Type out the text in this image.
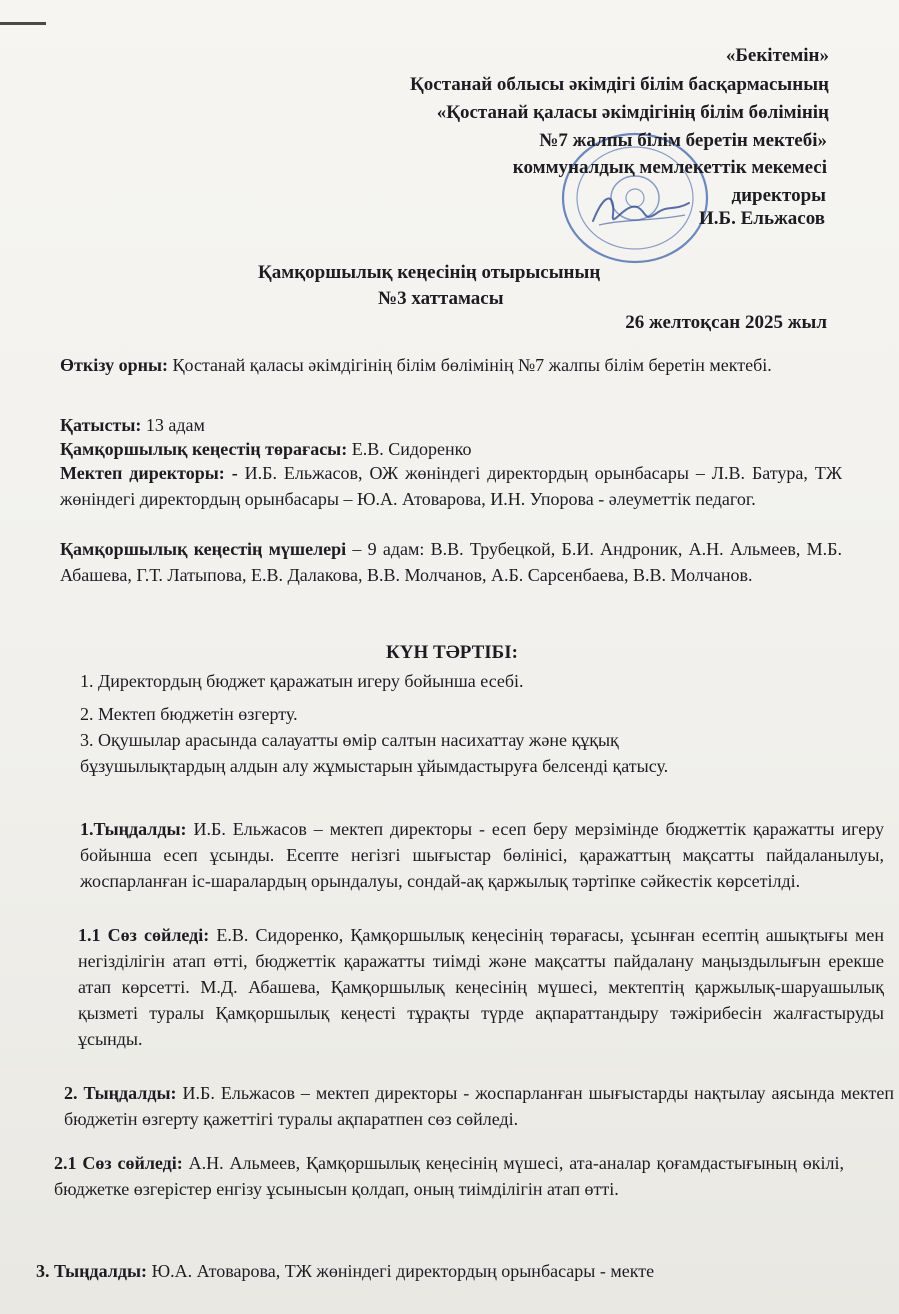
«Бекітемін»
Қостанай облысы әкімдігі білім басқармасының
«Қостанай қаласы әкімдігінің білім бөлімінің
№7 жалпы білім беретін мектебі»
коммуналдық мемлекеттік мекемесі
директоры
И.Б. Ельжасов
Қамқоршылық кеңесінің отырысының
№3 хаттамасы
26 желтоқсан 2025 жыл
Өткізу орны: Қостанай қаласы әкімдігінің білім бөлімінің №7 жалпы білім беретін мектебі.
Қатысты: 13 адам
Қамқоршылық кеңестің төрағасы: Е.В. Сидоренко
Мектеп директоры: - И.Б. Ельжасов, ОЖ жөніндегі директордың орынбасары – Л.В. Батура, ТЖ жөніндегі директордың орынбасары – Ю.А. Атоварова, И.Н. Упорова - әлеуметтік педагог.
Қамқоршылық кеңестің мүшелері – 9 адам: В.В. Трубецкой, Б.И. Андроник, А.Н. Альмеев, М.Б. Абашева, Г.Т. Латыпова, Е.В. Далакова, В.В. Молчанов, А.Б. Сарсенбаева, В.В. Молчанов.
КҮН ТӘРТІБІ:
1. Директордың бюджет қаражатын игеру бойынша есебі.
2. Мектеп бюджетін өзгерту.
3. Оқушылар арасында салауатты өмір салтын насихаттау және құқық бұзушылықтардың алдын алу жұмыстарын ұйымдастыруға белсенді қатысу.
1.Тыңдалды: И.Б. Ельжасов – мектеп директоры - есеп беру мерзімінде бюджеттік қаражатты игеру бойынша есеп ұсынды. Есепте негізгі шығыстар бөлінісі, қаражаттың мақсатты пайдаланылуы, жоспарланған іс-шаралардың орындалуы, сондай-ақ қаржылық тәртіпке сәйкестік көрсетілді.
1.1 Сөз сөйледі: Е.В. Сидоренко, Қамқоршылық кеңесінің төрағасы, ұсынған есептің ашықтығы мен негізділігін атап өтті, бюджеттік қаражатты тиімді және мақсатты пайдалану маңыздылығын ерекше атап көрсетті. М.Д. Абашева, Қамқоршылық кеңесінің мүшесі, мектептің қаржылық-шаруашылық қызметі туралы Қамқоршылық кеңесті тұрақты түрде ақпараттандыру тәжірибесін жалғастыруды ұсынды.
2. Тыңдалды: И.Б. Ельжасов – мектеп директоры - жоспарланған шығыстарды нақтылау аясында мектеп бюджетін өзгерту қажеттігі туралы ақпаратпен сөз сөйледі.
2.1 Сөз сөйледі: А.Н. Альмеев, Қамқоршылық кеңесінің мүшесі, ата-аналар қоғамдастығының өкілі, бюджетке өзгерістер енгізу ұсынысын қолдап, оның тиімділігін атап өтті.
3. Тыңдалды: Ю.А. Атоварова, ТЖ жөніндегі директордың орынбасары - мекте
